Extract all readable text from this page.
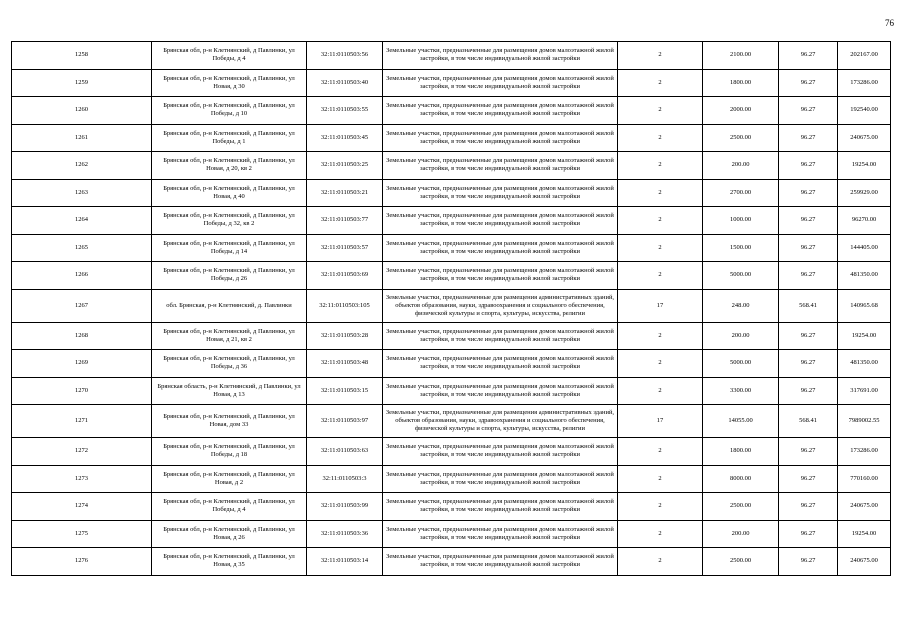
76
1258	Брянская обл, р-н Клетнянский, д Павлинки, ул Победы, д 4	32:11:0110503:56	Земельные участки, предназначенные для размещения домов малоэтажной жилой застройки, в том числе индивидуальной жилой застройки	2	2100.00	96.27	202167.00
1259	Брянская обл, р-н Клетнянский, д Павлинки, ул Новая, д 30	32:11:0110503:40	Земельные участки, предназначенные для размещения домов малоэтажной жилой застройки, в том числе индивидуальной жилой застройки	2	1800.00	96.27	173286.00
1260	Брянская обл, р-н Клетнянский, д Павлинки, ул Победы, д 10	32:11:0110503:55	Земельные участки, предназначенные для размещения домов малоэтажной жилой застройки, в том числе индивидуальной жилой застройки	2	2000.00	96.27	192540.00
1261	Брянская обл, р-н Клетнянский, д Павлинки, ул Победы, д 1	32:11:0110503:45	Земельные участки, предназначенные для размещения домов малоэтажной жилой застройки, в том числе индивидуальной жилой застройки	2	2500.00	96.27	240675.00
1262	Брянская обл, р-н Клетнянский, д Павлинки, ул Новая, д 20, кв 2	32:11:0110503:25	Земельные участки, предназначенные для размещения домов малоэтажной жилой застройки, в том числе индивидуальной жилой застройки	2	200.00	96.27	19254.00
1263	Брянская обл, р-н Клетнянский, д Павлинки, ул Новая, д 40	32:11:0110503:21	Земельные участки, предназначенные для размещения домов малоэтажной жилой застройки, в том числе индивидуальной жилой застройки	2	2700.00	96.27	259929.00
1264	Брянская обл, р-н Клетнянский, д Павлинки, ул Победы, д 32, кв 2	32:11:0110503:77	Земельные участки, предназначенные для размещения домов малоэтажной жилой застройки, в том числе индивидуальной жилой застройки	2	1000.00	96.27	96270.00
1265	Брянская обл, р-н Клетнянский, д Павлинки, ул Победы, д 14	32:11:0110503:57	Земельные участки, предназначенные для размещения домов малоэтажной жилой застройки, в том числе индивидуальной жилой застройки	2	1500.00	96.27	144405.00
1266	Брянская обл, р-н Клетнянский, д Павлинки, ул Победы, д 26	32:11:0110503:69	Земельные участки, предназначенные для размещения домов малоэтажной жилой застройки, в том числе индивидуальной жилой застройки	2	5000.00	96.27	481350.00
1267	обл. Брянская, р-н Клетнянский, д. Павлинки	32:11:0110503:105	Земельные участки, предназначенные для размещения административных зданий, объектов образования, науки, здравоохранения и социального обеспечения, физической культуры и спорта, культуры, искусства, религии	17	248.00	568.41	140965.68
1268	Брянская обл, р-н Клетнянский, д Павлинки, ул Новая, д 21, кв 2	32:11:0110503:28	Земельные участки, предназначенные для размещения домов малоэтажной жилой застройки, в том числе индивидуальной жилой застройки	2	200.00	96.27	19254.00
1269	Брянская обл, р-н Клетнянский, д Павлинки, ул Победы, д 36	32:11:0110503:48	Земельные участки, предназначенные для размещения домов малоэтажной жилой застройки, в том числе индивидуальной жилой застройки	2	5000.00	96.27	481350.00
1270	Брянская область, р-н Клетнянский, д Павлинки, ул Новая, д 13	32:11:0110503:15	Земельные участки, предназначенные для размещения домов малоэтажной жилой застройки, в том числе индивидуальной жилой застройки	2	3300.00	96.27	317691.00
1271	Брянская обл, р-н Клетнянский, д Павлинки, ул Новая, дом 33	32:11:0110503:97	Земельные участки, предназначенные для размещения административных зданий, объектов образования, науки, здравоохранения и социального обеспечения, физической культуры и спорта, культуры, искусства, религии	17	14055.00	568.41	7989002.55
1272	Брянская обл, р-н Клетнянский, д Павлинки, ул Победы, д 18	32:11:0110503:63	Земельные участки, предназначенные для размещения домов малоэтажной жилой застройки, в том числе индивидуальной жилой застройки	2	1800.00	96.27	173286.00
1273	Брянская обл, р-н Клетнянский, д Павлинки, ул Новая, д 2	32:11:0110503:3	Земельные участки, предназначенные для размещения домов малоэтажной жилой застройки, в том числе индивидуальной жилой застройки	2	8000.00	96.27	770160.00
1274	Брянская обл, р-н Клетнянский, д Павлинки, ул Победы, д 4	32:11:0110503:99	Земельные участки, предназначенные для размещения домов малоэтажной жилой застройки, в том числе индивидуальной жилой застройки	2	2500.00	96.27	240675.00
1275	Брянская обл, р-н Клетнянский, д Павлинки, ул Новая, д 26	32:11:0110503:36	Земельные участки, предназначенные для размещения домов малоэтажной жилой застройки, в том числе индивидуальной жилой застройки	2	200.00	96.27	19254.00
1276	Брянская обл, р-н Клетнянский, д Павлинки, ул Новая, д 35	32:11:0110503:14	Земельные участки, предназначенные для размещения домов малоэтажной жилой застройки, в том числе индивидуальной жилой застройки	2	2500.00	96.27	240675.00
